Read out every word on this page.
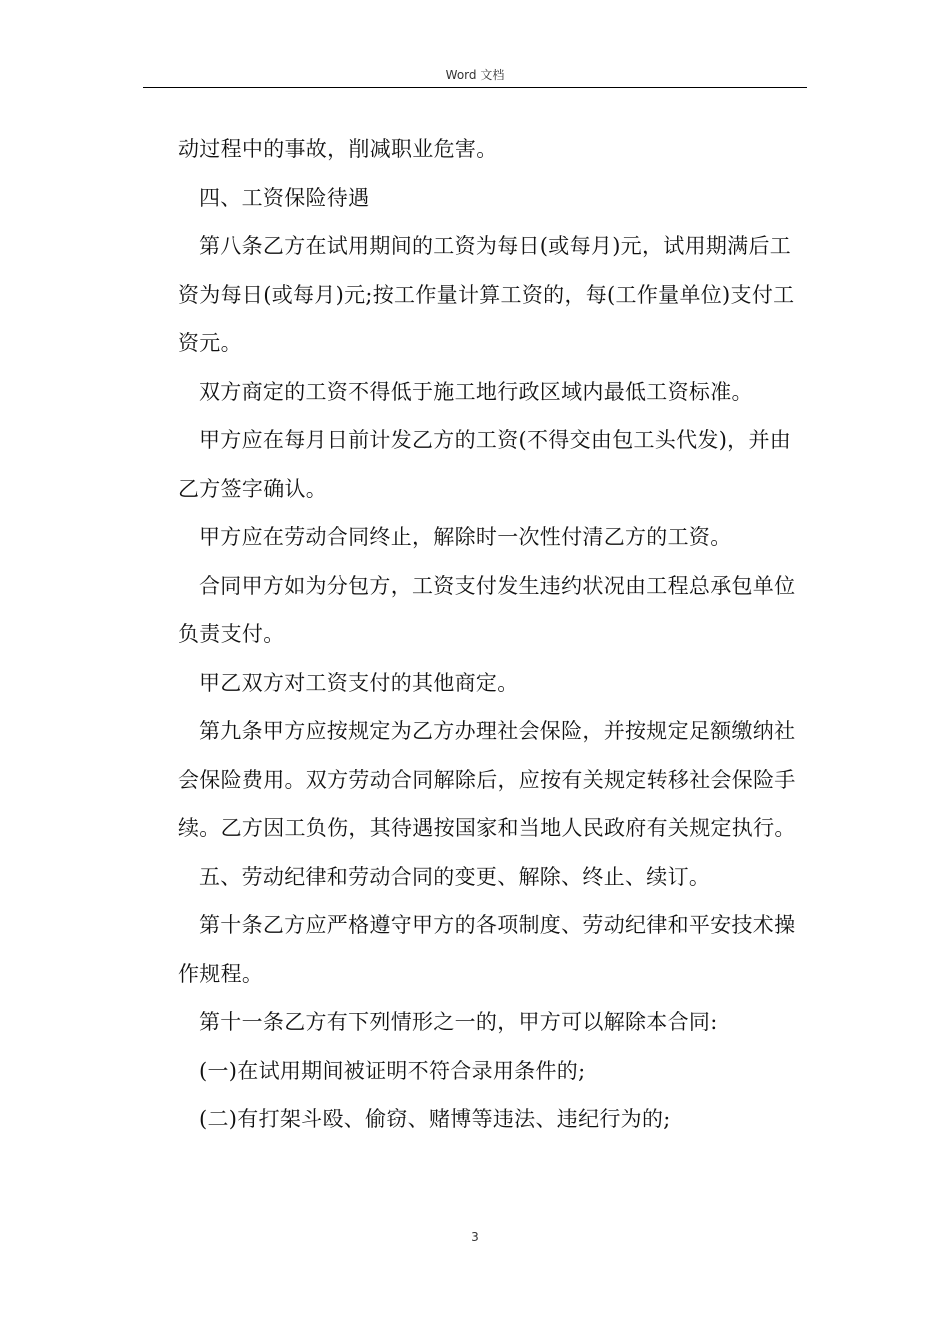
Word 文档

动过程中的事故，削减职业危害。

四、工资保险待遇

第八条乙方在试用期间的工资为每日(或每月)元，试用期满后工资为每日(或每月)元;按工作量计算工资的，每(工作量单位)支付工资元。

双方商定的工资不得低于施工地行政区域内最低工资标准。

甲方应在每月日前计发乙方的工资(不得交由包工头代发)，并由乙方签字确认。

甲方应在劳动合同终止，解除时一次性付清乙方的工资。

合同甲方如为分包方，工资支付发生违约状况由工程总承包单位负责支付。

甲乙双方对工资支付的其他商定。

第九条甲方应按规定为乙方办理社会保险，并按规定足额缴纳社会保险费用。双方劳动合同解除后，应按有关规定转移社会保险手续。乙方因工负伤，其待遇按国家和当地人民政府有关规定执行。

五、劳动纪律和劳动合同的变更、解除、终止、续订。

第十条乙方应严格遵守甲方的各项制度、劳动纪律和平安技术操作规程。

第十一条乙方有下列情形之一的，甲方可以解除本合同:

(一)在试用期间被证明不符合录用条件的;

(二)有打架斗殴、偷窃、赌博等违法、违纪行为的;

3
